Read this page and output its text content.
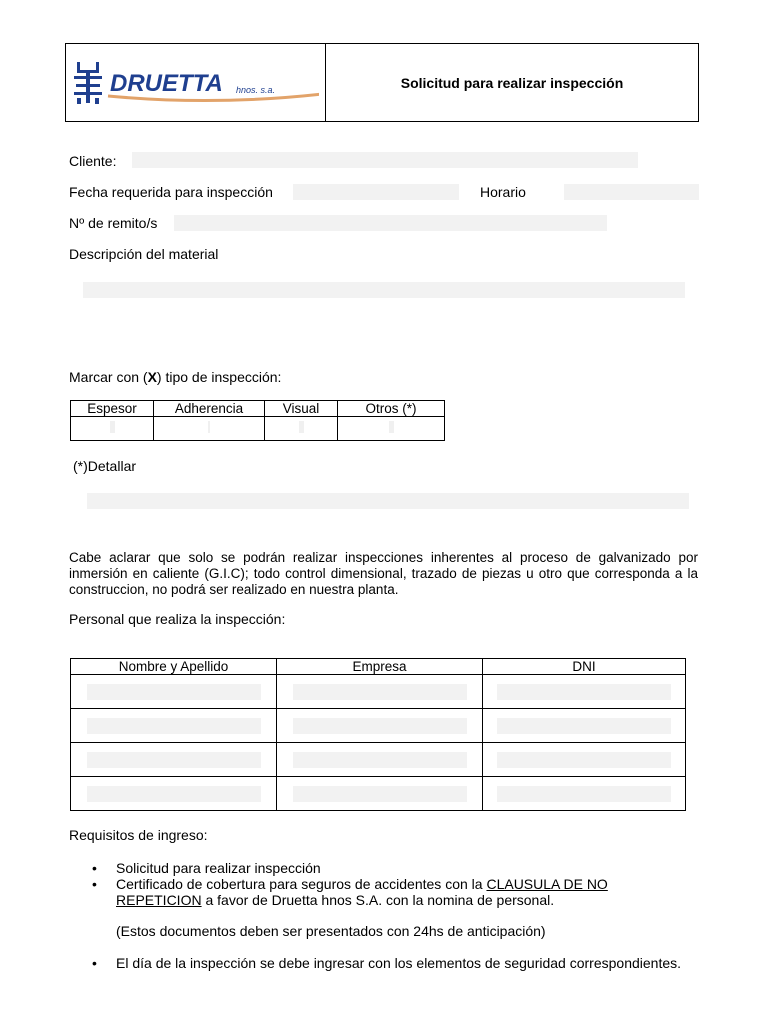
DRUETTA hnos. s.a.	Solicitud para realizar inspección
Cliente:
Fecha requerida para inspección	Horario
Nº de remito/s
Descripción del material
Marcar con (X) tipo de inspección:
Espesor	Adherencia	Visual	Otros (*)

(*)Detallar
Cabe aclarar que solo se podrán realizar inspecciones inherentes al proceso de galvanizado por inmersión en caliente (G.I.C); todo control dimensional, trazado de piezas u otro que corresponda a la construccion, no podrá ser realizado en nuestra planta.
Personal que realiza la inspección:
Nombre y Apellido	Empresa	DNI

Requisitos de ingreso:
• Solicitud para realizar inspección
• Certificado de cobertura para seguros de accidentes con la CLAUSULA DE NO
REPETICION a favor de Druetta hnos S.A. con la nomina de personal.
(Estos documentos deben ser presentados con 24hs de anticipación)
• El día de la inspección se debe ingresar con los elementos de seguridad correspondientes.
